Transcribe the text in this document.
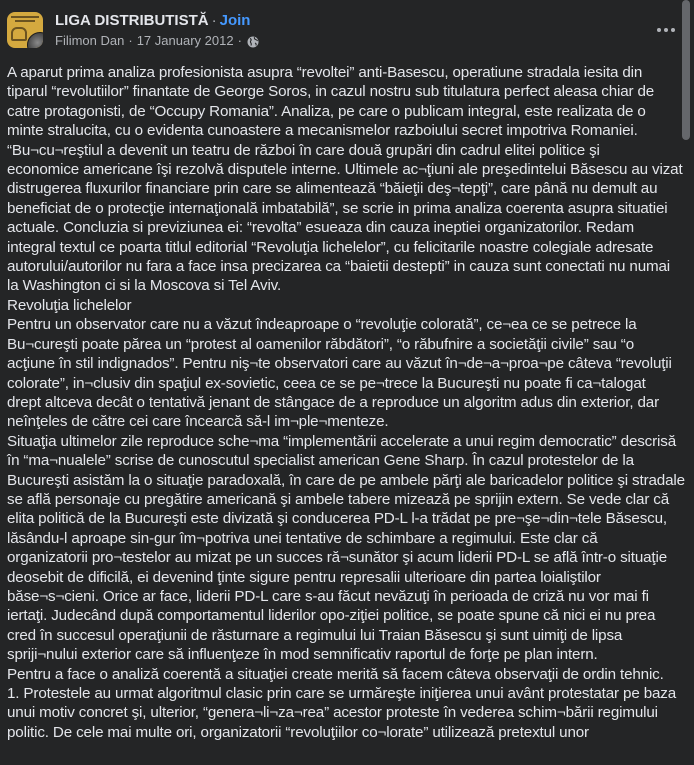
LIGA DISTRIBUTISTĂ · Join
Filimon Dan · 17 January 2012 ·
A aparut prima analiza profesionista asupra “revoltei” anti-Basescu, operatiune stradala iesita din
tiparul “revolutiilor” finantate de George Soros, in cazul nostru sub titulatura perfect aleasa chiar de
catre protagonisti, de “Occupy Romania”. Analiza, pe care o publicam integral, este realizata de o
minte stralucita, cu o evidenta cunoastere a mecanismelor razboiului secret impotriva Romaniei.
“Bu¬cu¬reştiul a devenit un teatru de război în care două grupări din cadrul elitei politice şi
economice americane îşi rezolvă disputele interne. Ultimele ac¬ţiuni ale preşedintelui Băsescu au vizat
distrugerea fluxurilor financiare prin care se alimentează “băieţii deş¬tepţi”, care până nu demult au
beneficiat de o protecţie internaţională imbatabilă”, se scrie in prima analiza coerenta asupra situatiei
actuale. Concluzia si previziunea ei: “revolta” esueaza din cauza ineptiei organizatorilor. Redam
integral textul ce poarta titlul editorial “Revoluţia lichelelor”, cu felicitarile noastre colegiale adresate
autorului/autorilor nu fara a face insa precizarea ca “baietii destepti” in cauza sunt conectati nu numai
la Washington ci si la Moscova si Tel Aviv.
Revoluţia lichelelor
Pentru un observator care nu a văzut îndeaproape o “revoluţie colorată”, ce¬ea ce se petrece la
Bu¬cureşti poate părea un “protest al oamenilor răbdători”, “o răbufnire a societăţii civile” sau “o
acţiune în stil indignados”. Pentru niş¬te observatori care au văzut în¬de¬a¬proa¬pe câteva “revoluţii
colorate”, in¬clusiv din spaţiul ex-sovietic, ceea ce se pe¬trece la Bucureşti nu poate fi ca¬talogat
drept altceva decât o tentativă jenant de stângace de a reproduce un algoritm adus din exterior, dar
neînţeles de către cei care încearcă să-l im¬ple¬menteze.
Situaţia ultimelor zile reproduce sche¬ma “implementării accelerate a unui regim democratic” descrisă
în “ma¬nualele” scrise de cunoscutul specialist american Gene Sharp. În cazul protestelor de la
Bucureşti asistăm la o situaţie paradoxală, în care de pe ambele părţi ale baricadelor politice şi stradale
se află personaje cu pregătire americană şi ambele tabere mizează pe sprijin extern. Se vede clar că
elita politică de la Bucureşti este divizată şi conducerea PD-L l-a trădat pe pre¬şe¬din¬tele Băsescu,
lăsându-l aproape sin-gur îm¬potriva unei tentative de schimbare a regimului. Este clar că
organizatorii pro¬testelor au mizat pe un succes ră¬sunător şi acum liderii PD-L se află într-o situaţie
deosebit de dificilă, ei devenind ţinte sigure pentru represalii ulterioare din partea loialiştilor
băse¬s¬cieni. Orice ar face, liderii PD-L care s-au făcut nevăzuţi în perioada de criză nu vor mai fi
iertaţi. Judecând după comportamentul liderilor opo-ziţiei politice, se poate spune că nici ei nu prea
cred în succesul operaţiunii de răsturnare a regimului lui Traian Băsescu şi sunt uimiţi de lipsa
spriji¬nului exterior care să influenţeze în mod semnificativ raportul de forţe pe plan intern.
Pentru a face o analiză coerentă a situaţiei create merită să facem câteva observaţii de ordin tehnic.
1. Protestele au urmat algoritmul clasic prin care se urmăreşte iniţierea unui avânt protestatar pe baza
unui motiv concret şi, ulterior, “genera¬li¬za¬rea” acestor proteste în vederea schim¬bării regimului
politic. De cele mai multe ori, organizatorii “revoluţiilor co¬lorate” utilizează pretextul unor
